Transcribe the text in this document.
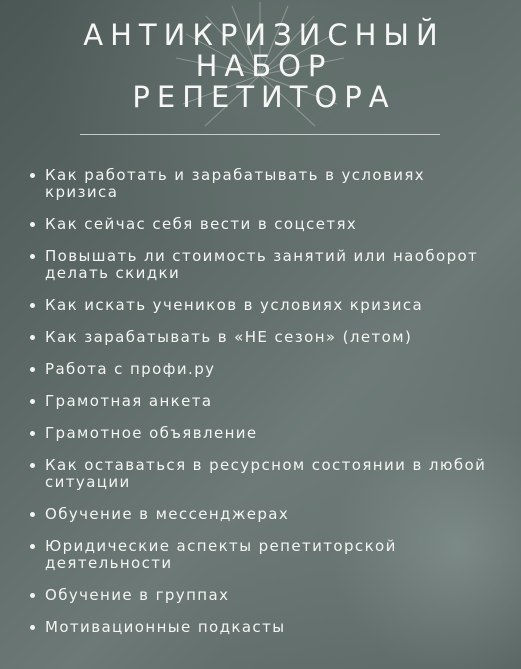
АНТИКРИЗИСНЫЙ
НАБОР
РЕПЕТИТОРА
Как работать и зарабатывать в условиях кризиса
Как сейчас себя вести в соцсетях
Повышать ли стоимость занятий или наоборот делать скидки
Как искать учеников в условиях кризиса
Как зарабатывать в «НЕ сезон» (летом)
Работа с профи.ру
Грамотная анкета
Грамотное объявление
Как оставаться в ресурсном состоянии в любой ситуации
Обучение в мессенджерах
Юридические аспекты репетиторской деятельности
Обучение в группах
Мотивационные подкасты
